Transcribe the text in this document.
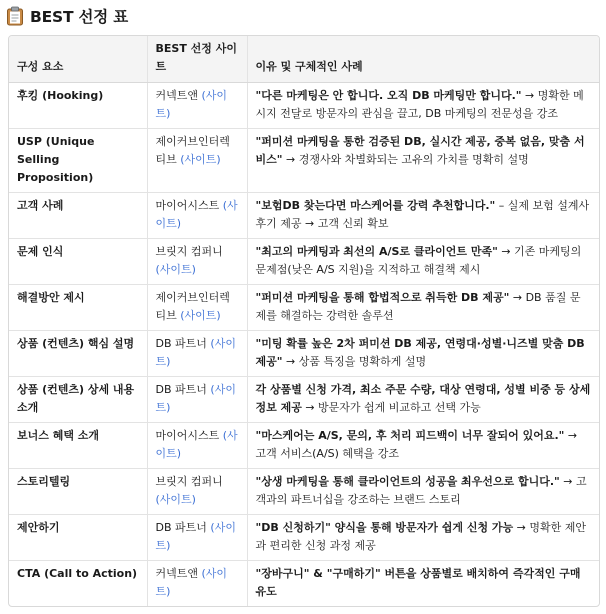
BEST 선정 표
구성 요소	BEST 선정 사이트	이유 및 구체적인 사례
후킹 (Hooking)	커넥트앤 (사이트)	"다른 마케팅은 안 합니다. 오직 DB 마케팅만 합니다." → 명확한 메시지 전달로 방문자의 관심을 끌고, DB 마케팅의 전문성을 강조
USP (Unique Selling Proposition)	제이커브인터렉티브 (사이트)	"퍼미션 마케팅을 통한 검증된 DB, 실시간 제공, 중복 없음, 맞춤 서비스" → 경쟁사와 차별화되는 고유의 가치를 명확히 설명
고객 사례	마이어시스트 (사이트)	"보험DB 찾는다면 마스케어를 강력 추천합니다." – 실제 보험 설계사 후기 제공 → 고객 신뢰 확보
문제 인식	브릿지 컴퍼니 (사이트)	"최고의 마케팅과 최선의 A/S로 클라이언트 만족" → 기존 마케팅의 문제점(낮은 A/S 지원)을 지적하고 해결책 제시
해결방안 제시	제이커브인터렉티브 (사이트)	"퍼미션 마케팅을 통해 합법적으로 취득한 DB 제공" → DB 품질 문제를 해결하는 강력한 솔루션
상품 (컨텐츠) 핵심 설명	DB 파트너 (사이트)	"미팅 확률 높은 2차 퍼미션 DB 제공, 연령대·성별·니즈별 맞춤 DB 제공" → 상품 특징을 명확하게 설명
상품 (컨텐츠) 상세 내용 소개	DB 파트너 (사이트)	각 상품별 신청 가격, 최소 주문 수량, 대상 연령대, 성별 비중 등 상세 정보 제공 → 방문자가 쉽게 비교하고 선택 가능
보너스 혜택 소개	마이어시스트 (사이트)	"마스케어는 A/S, 문의, 후 처리 피드백이 너무 잘되어 있어요." → 고객 서비스(A/S) 혜택을 강조
스토리텔링	브릿지 컴퍼니 (사이트)	"상생 마케팅을 통해 클라이언트의 성공을 최우선으로 합니다." → 고객과의 파트너십을 강조하는 브랜드 스토리
제안하기	DB 파트너 (사이트)	"DB 신청하기" 양식을 통해 방문자가 쉽게 신청 가능 → 명확한 제안과 편리한 신청 과정 제공
CTA (Call to Action)	커넥트앤 (사이트)	"장바구니" & "구매하기" 버튼을 상품별로 배치하여 즉각적인 구매 유도
